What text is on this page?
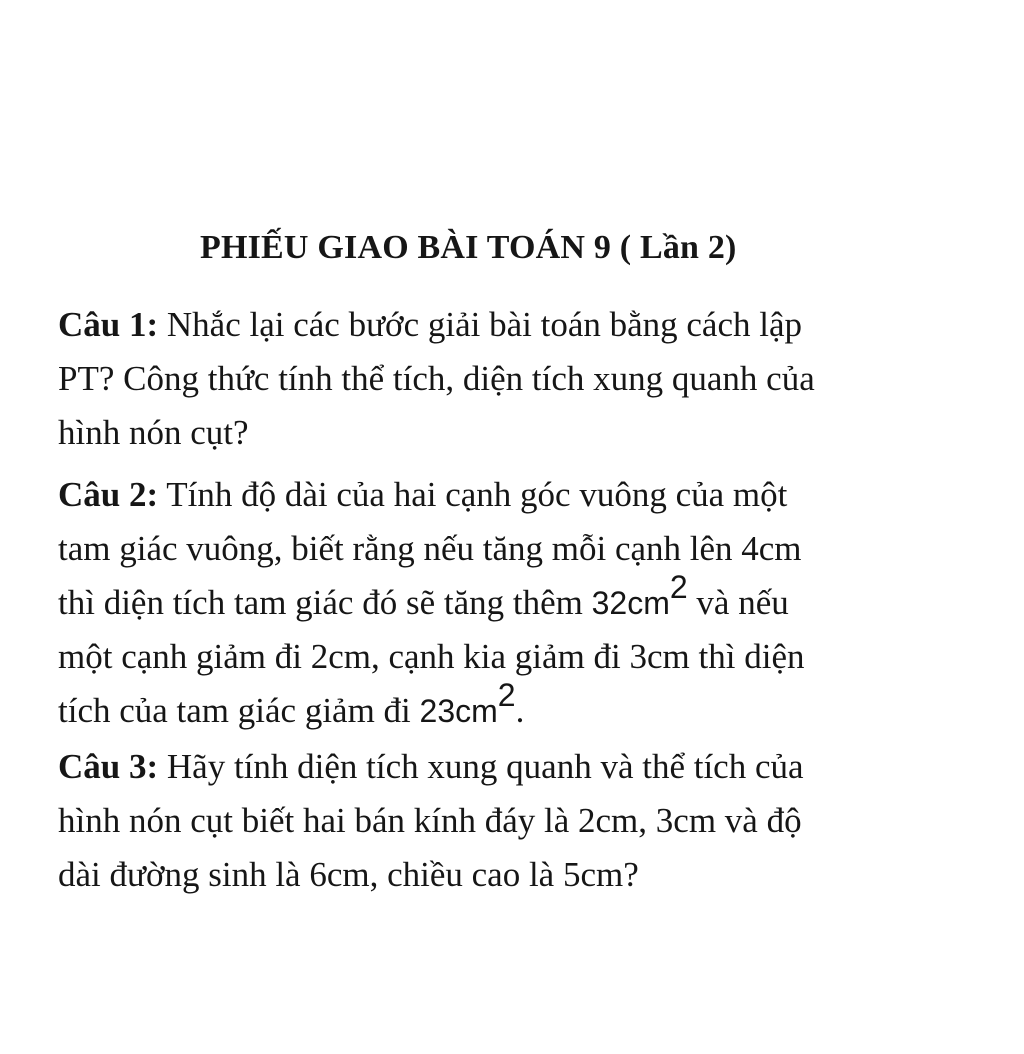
PHIẾU GIAO BÀI TOÁN 9 ( Lần 2)
Câu 1: Nhắc lại các bước giải bài toán bằng cách lập
PT? Công thức tính thể tích, diện tích xung quanh của
hình nón cụt?
Câu 2: Tính độ dài của hai cạnh góc vuông của một
tam giác vuông, biết rằng nếu tăng mỗi cạnh lên 4cm
thì diện tích tam giác đó sẽ tăng thêm $32cm^2$ và nếu
một cạnh giảm đi 2cm, cạnh kia giảm đi 3cm thì diện
tích của tam giác giảm đi $23cm^2$.
Câu 3: Hãy tính diện tích xung quanh và thể tích của
hình nón cụt biết hai bán kính đáy là 2cm, 3cm và độ
dài đường sinh là 6cm, chiều cao là 5cm?
